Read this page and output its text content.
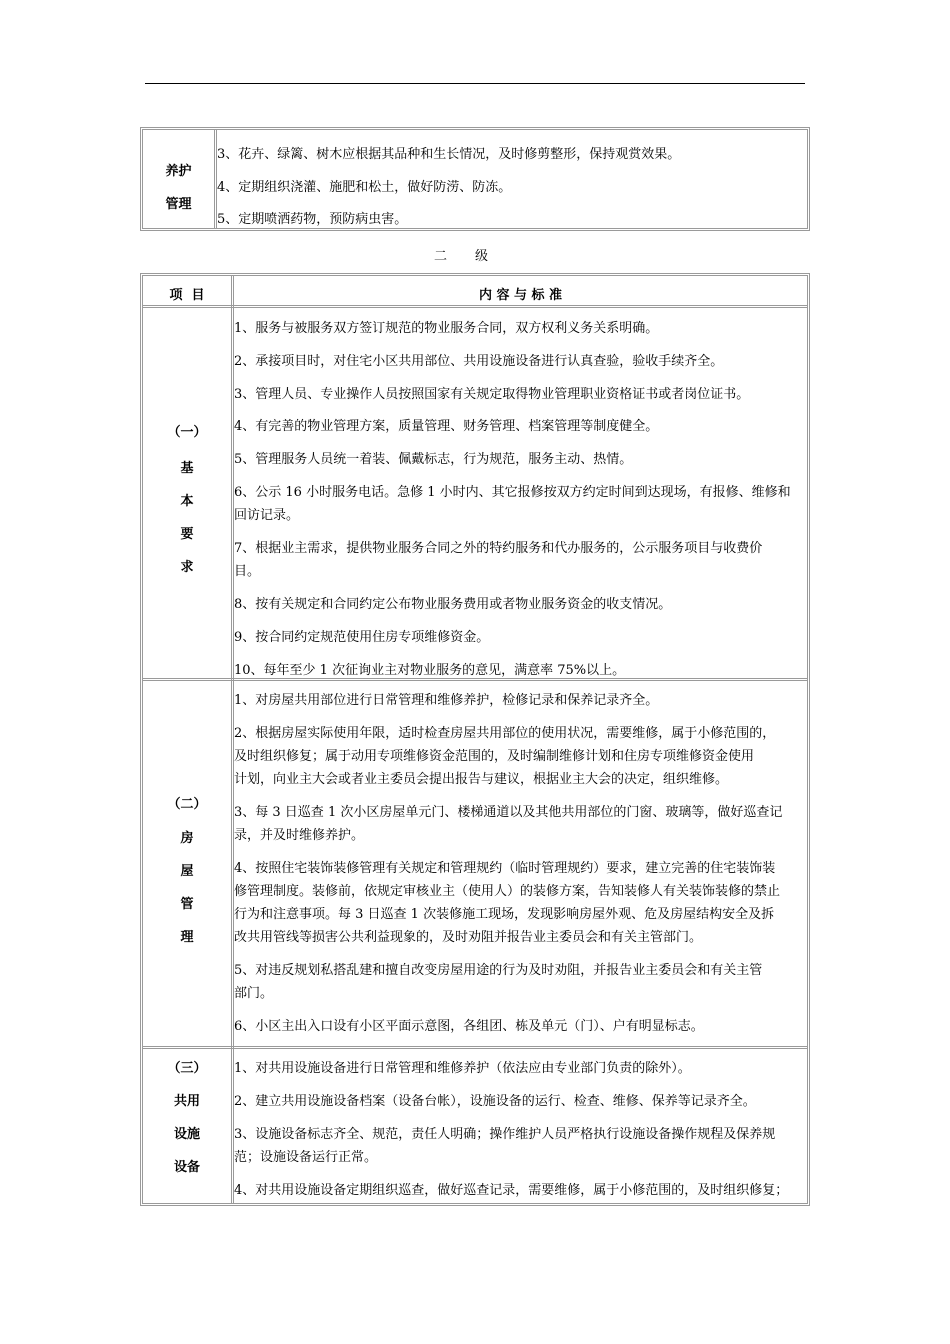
养护
管理
3、花卉、绿篱、树木应根据其品种和生长情况，及时修剪整形，保持观赏效果。
4、定期组织浇灌、施肥和松土，做好防涝、防冻。
5、定期喷洒药物，预防病虫害。
二级
项  目	内 容 与 标 准
（一）
基
本
要
求
1、服务与被服务双方签订规范的物业服务合同，双方权利义务关系明确。
2、承接项目时，对住宅小区共用部位、共用设施设备进行认真查验，验收手续齐全。
3、管理人员、专业操作人员按照国家有关规定取得物业管理职业资格证书或者岗位证书。
4、有完善的物业管理方案，质量管理、财务管理、档案管理等制度健全。
5、管理服务人员统一着装、佩戴标志，行为规范，服务主动、热情。
6、公示 16 小时服务电话。急修 1 小时内、其它报修按双方约定时间到达现场，有报修、维修和
回访记录。
7、根据业主需求，提供物业服务合同之外的特约服务和代办服务的，公示服务项目与收费价
目。
8、按有关规定和合同约定公布物业服务费用或者物业服务资金的收支情况。
9、按合同约定规范使用住房专项维修资金。
10、每年至少 1 次征询业主对物业服务的意见，满意率 75%以上。
（二）
房
屋
管
理
1、对房屋共用部位进行日常管理和维修养护，检修记录和保养记录齐全。
2、根据房屋实际使用年限，适时检查房屋共用部位的使用状况，需要维修，属于小修范围的，
及时组织修复；属于动用专项维修资金范围的，及时编制维修计划和住房专项维修资金使用
计划，向业主大会或者业主委员会提出报告与建议，根据业主大会的决定，组织维修。
3、每 3 日巡查 1 次小区房屋单元门、楼梯通道以及其他共用部位的门窗、玻璃等，做好巡查记
录，并及时维修养护。
4、按照住宅装饰装修管理有关规定和管理规约（临时管理规约）要求，建立完善的住宅装饰装
修管理制度。装修前，依规定审核业主（使用人）的装修方案，告知装修人有关装饰装修的禁止
行为和注意事项。每 3 日巡查 1 次装修施工现场，发现影响房屋外观、危及房屋结构安全及拆
改共用管线等损害公共利益现象的，及时劝阻并报告业主委员会和有关主管部门。
5、对违反规划私搭乱建和擅自改变房屋用途的行为及时劝阻，并报告业主委员会和有关主管
部门。
6、小区主出入口设有小区平面示意图，各组团、栋及单元（门）、户有明显标志。
（三）
共用
设施
设备
1、对共用设施设备进行日常管理和维修养护（依法应由专业部门负责的除外）。
2、建立共用设施设备档案（设备台帐），设施设备的运行、检查、维修、保养等记录齐全。
3、设施设备标志齐全、规范，责任人明确；操作维护人员严格执行设施设备操作规程及保养规
范；设施设备运行正常。
4、对共用设施设备定期组织巡查，做好巡查记录，需要维修，属于小修范围的，及时组织修复；
